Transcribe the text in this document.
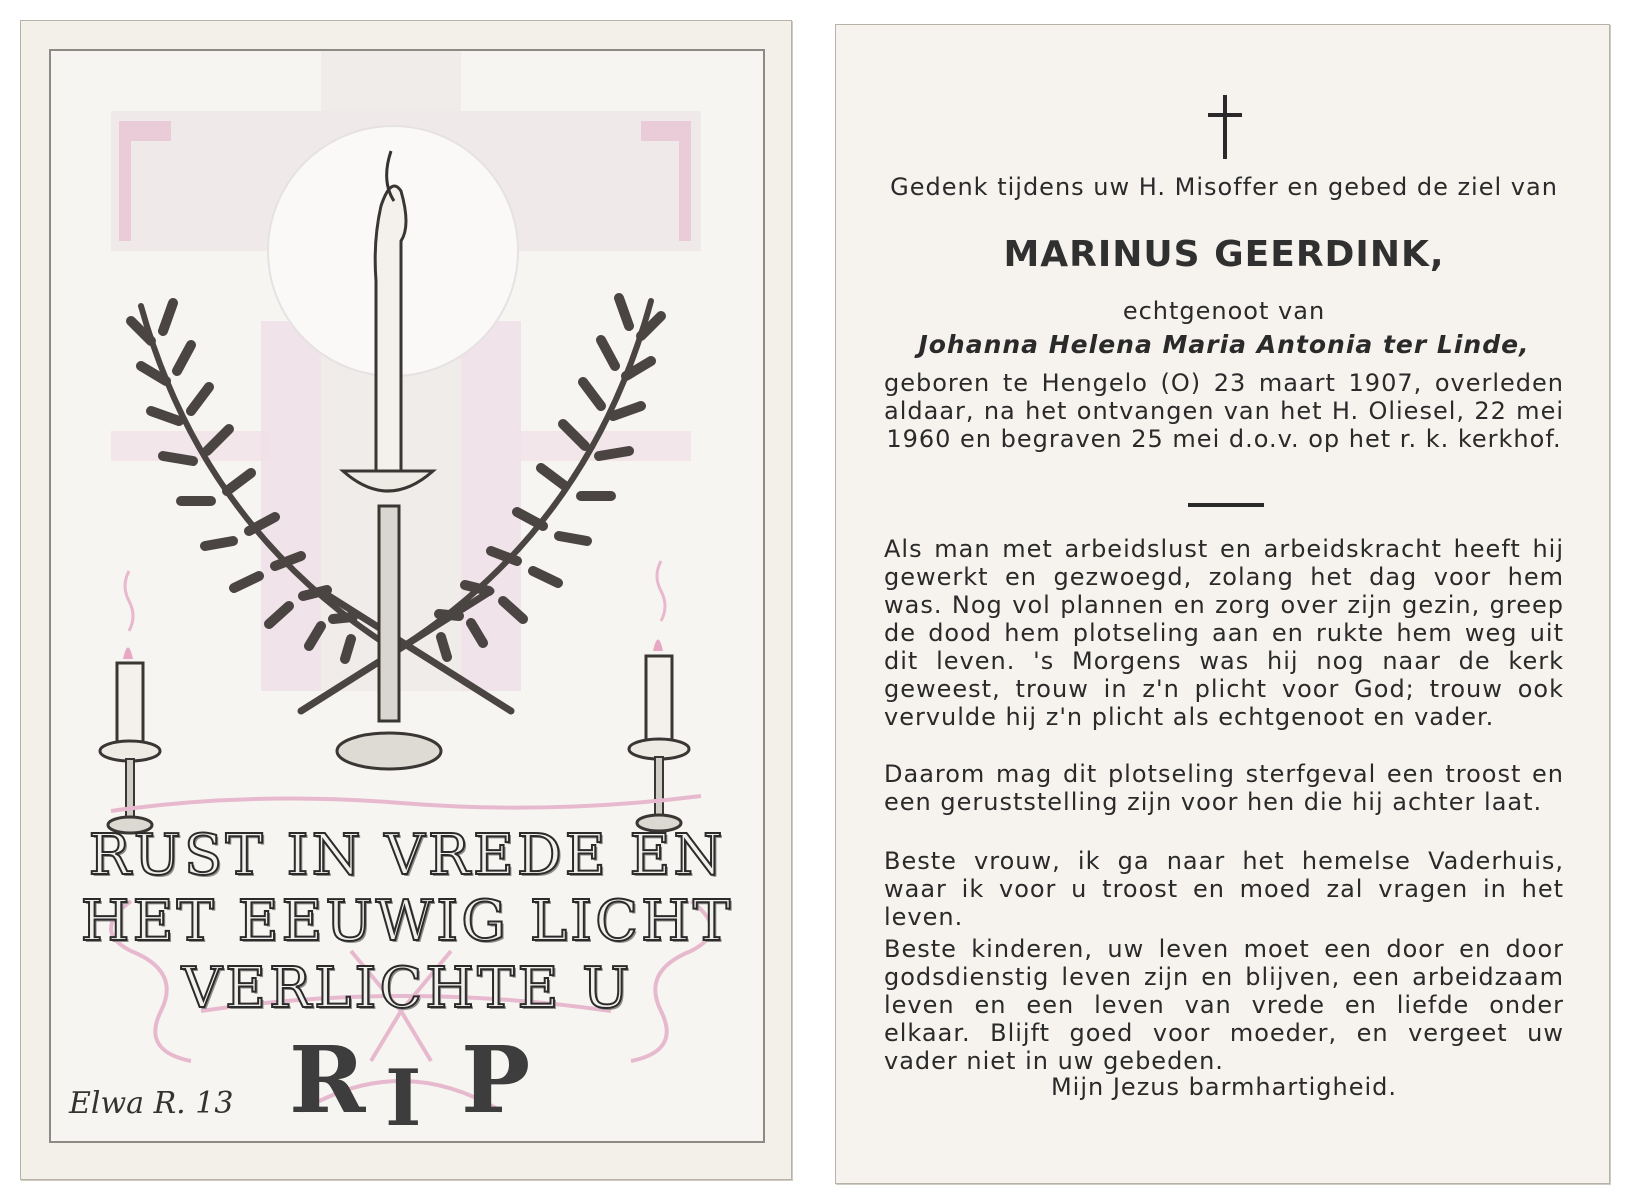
RUST IN VREDE EN
HET EEUWIG LICHT
VERLICHTE U
R I P
Elwa R. 13
Gedenk tijdens uw H. Misoffer en gebed de ziel van
MARINUS GEERDINK,
echtgenoot van
Johanna Helena Maria Antonia ter Linde,
geboren te Hengelo (O) 23 maart 1907, overleden aldaar, na het ontvangen van het H. Oliesel, 22 mei 1960 en begraven 25 mei d.o.v. op het r. k. kerkhof.
Als man met arbeidslust en arbeidskracht heeft hij gewerkt en gezwoegd, zolang het dag voor hem was. Nog vol plannen en zorg over zijn gezin, greep de dood hem plotseling aan en rukte hem weg uit dit leven. 's Morgens was hij nog naar de kerk geweest, trouw in z'n plicht voor God; trouw ook vervulde hij z'n plicht als echtgenoot en vader.
Daarom mag dit plotseling sterfgeval een troost en een geruststelling zijn voor hen die hij achter laat.
Beste vrouw, ik ga naar het hemelse Vaderhuis, waar ik voor u troost en moed zal vragen in het leven.
Beste kinderen, uw leven moet een door en door godsdienstig leven zijn en blijven, een arbeidzaam leven en een leven van vrede en liefde onder elkaar. Blijft goed voor moeder, en vergeet uw vader niet in uw gebeden.
Mijn Jezus barmhartigheid.
